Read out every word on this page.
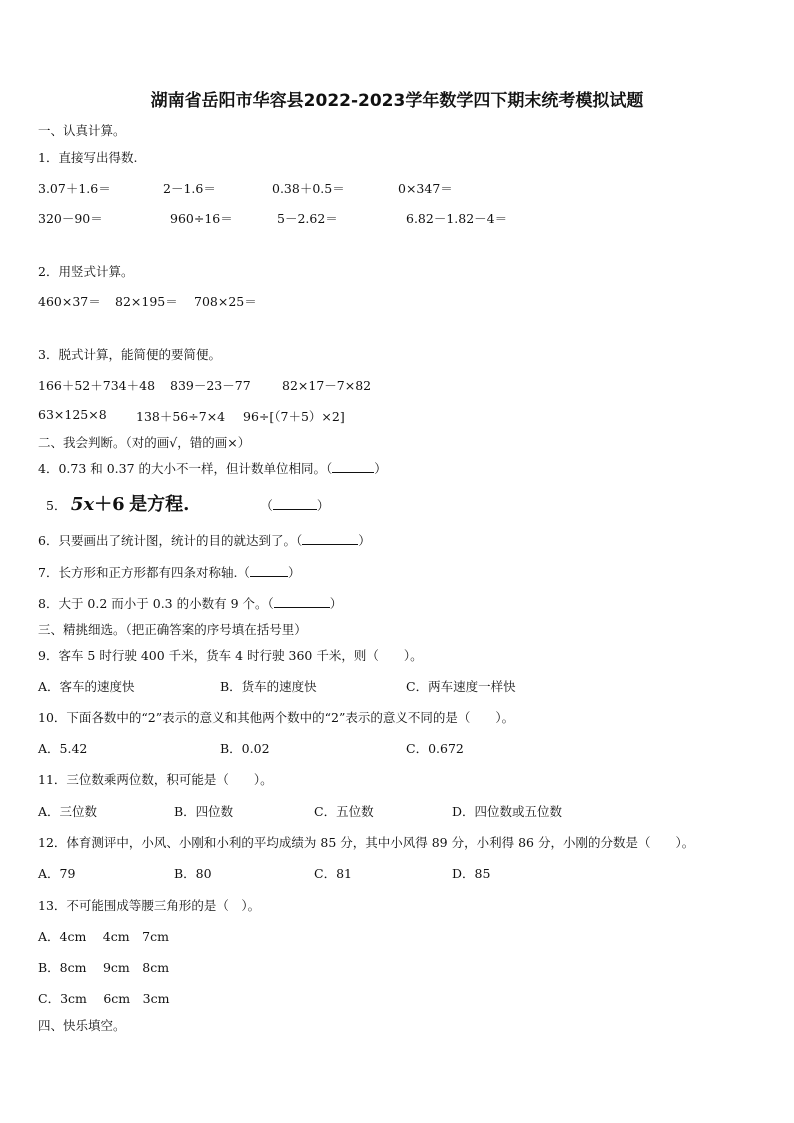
湖南省岳阳市华容县2022-2023学年数学四下期末统考模拟试题
一、认真计算。
1．直接写出得数.
3.07＋1.6＝	2－1.6＝	0.38＋0.5＝	0×347＝
320－90＝	960÷16＝	5－2.62＝	6.82－1.82－4＝
2．用竖式计算。
460×37＝ 82×195＝ 708×25＝
3．脱式计算，能简便的要简便。
166＋52＋734＋48 839－23－77	82×17－7×82
63×125×8 138＋56÷7×4 96÷[（7＋5）×2]
二、我会判断。（对的画√，错的画×）
4．0.73 和 0.37 的大小不一样，但计数单位相同。（	）
5． 5x＋6 是方程.	（	）
6．只要画出了统计图，统计的目的就达到了。（	）
7．长方形和正方形都有四条对称轴.（	）
8．大于 0.2 而小于 0.3 的小数有 9 个。（	）
三、精挑细选。（把正确答案的序号填在括号里）
9．客车 5 时行驶 400 千米，货车 4 时行驶 360 千米，则（　　）。
A．客车的速度快	B．货车的速度快	C．两车速度一样快
10．下面各数中的“2”表示的意义和其他两个数中的“2”表示的意义不同的是（　　）。
A．5.42	B．0.02	C．0.672
11．三位数乘两位数，积可能是（　　）。
A．三位数	B．四位数	C．五位数	D．四位数或五位数
12．体育测评中，小风、小刚和小利的平均成绩为 85 分，其中小风得 89 分，小利得 86 分，小刚的分数是（　　）。
A．79	B．80	C．81	D．85
13．不可能围成等腰三角形的是（　）。
A．4cm　 4cm　7cm
B．8cm　 9cm　8cm
C．3cm　 6cm　3cm
四、快乐填空。
